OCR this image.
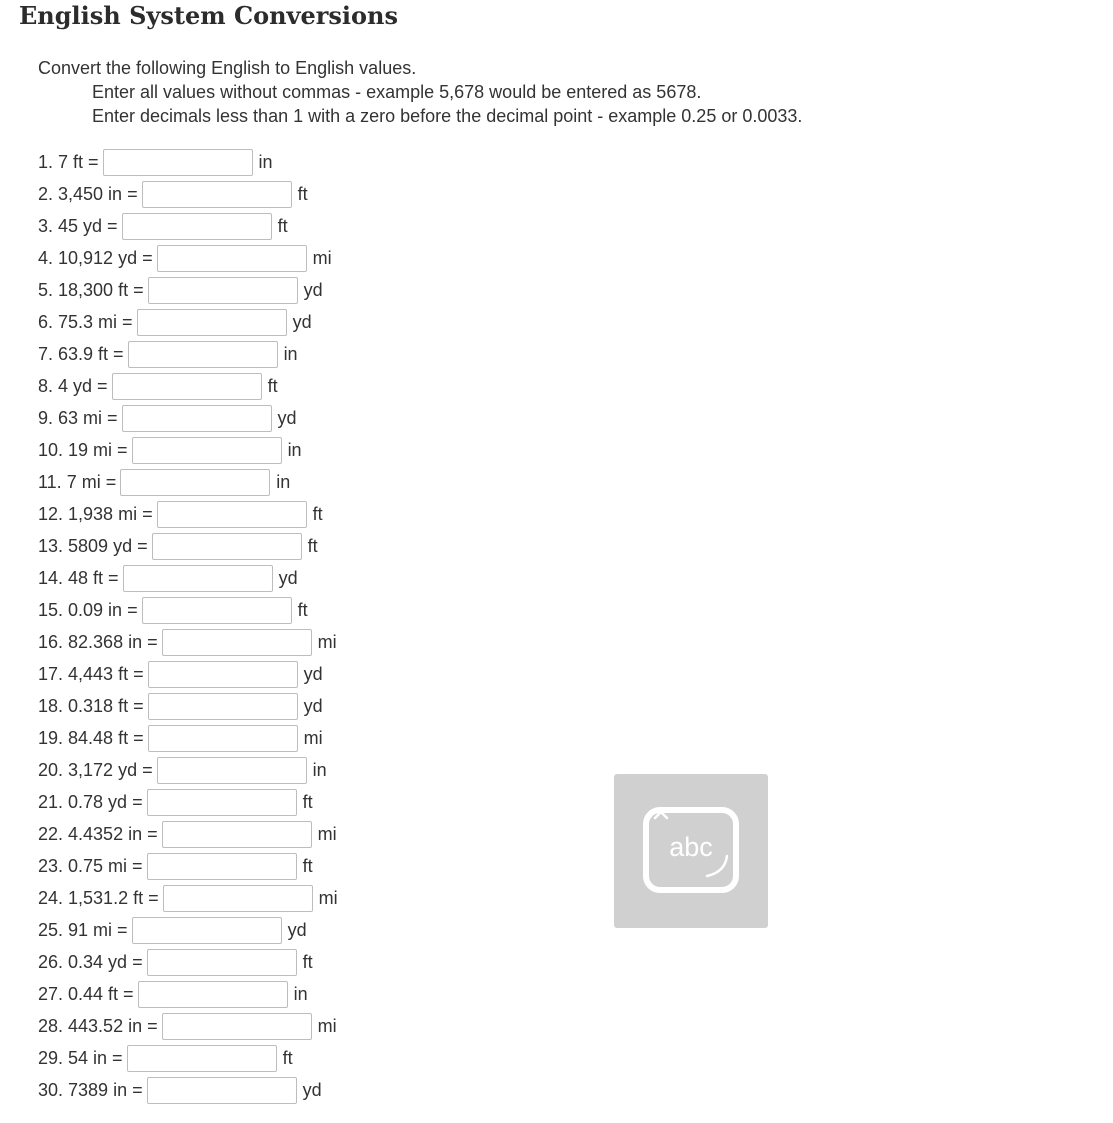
English System Conversions
Convert the following English to English values.
Enter all values without commas - example 5,678 would be entered as 5678.
Enter decimals less than 1 with a zero before the decimal point - example 0.25 or 0.0033.
1. 7 ft =	in
2. 3,450 in =	ft
3. 45 yd =	ft
4. 10,912 yd =	mi
5. 18,300 ft =	yd
6. 75.3 mi =	yd
7. 63.9 ft =	in
8. 4 yd =	ft
9. 63 mi =	yd
10. 19 mi =	in
11. 7 mi =	in
12. 1,938 mi =	ft
13. 5809 yd =	ft
14. 48 ft =	yd
15. 0.09 in =	ft
16. 82.368 in =	mi
17. 4,443 ft =	yd
18. 0.318 ft =	yd
19. 84.48 ft =	mi
20. 3,172 yd =	in
21. 0.78 yd =	ft
22. 4.4352 in =	mi
23. 0.75 mi =	ft
24. 1,531.2 ft =	mi
25. 91 mi =	yd
26. 0.34 yd =	ft
27. 0.44 ft =	in
28. 443.52 in =	mi
29. 54 in =	ft
30. 7389 in =	yd
abc
